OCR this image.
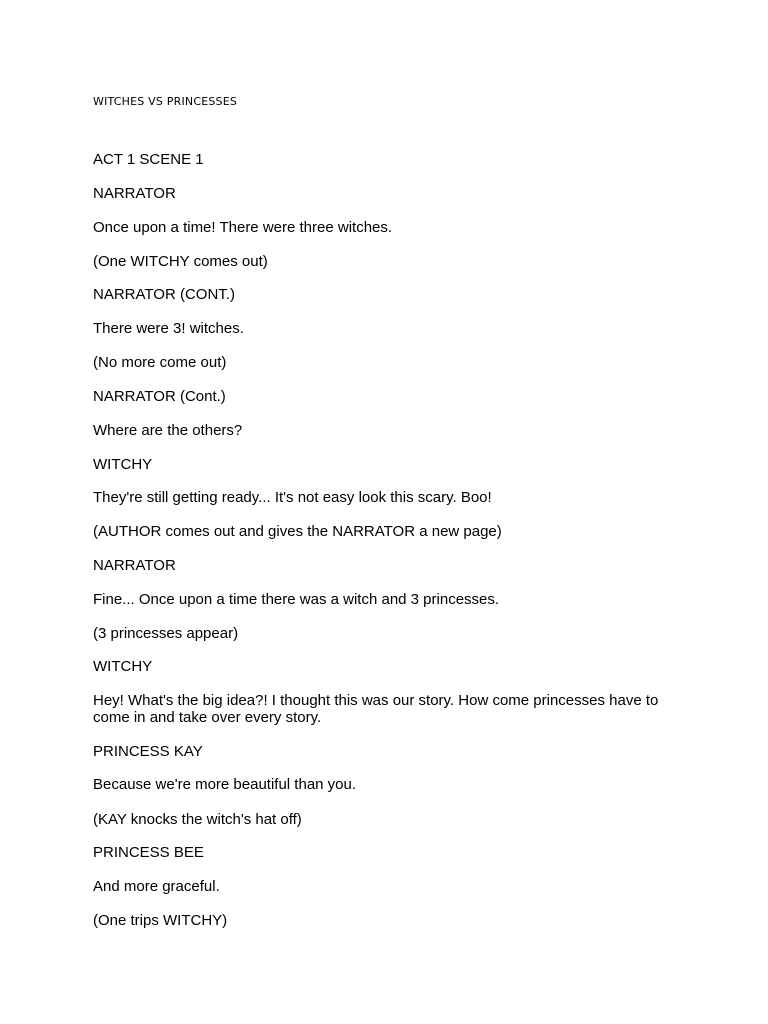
WITCHES VS PRINCESSES
ACT 1 SCENE 1
NARRATOR
Once upon a time! There were three witches.
(One WITCHY comes out)
NARRATOR (CONT.)
There were 3! witches.
(No more come out)
NARRATOR (Cont.)
Where are the others?
WITCHY
They're still getting ready... It's not easy look this scary. Boo!
(AUTHOR comes out and gives the NARRATOR a new page)
NARRATOR
Fine... Once upon a time there was a witch and 3 princesses.
(3 princesses appear)
WITCHY
Hey! What's the big idea?! I thought this was our story. How come princesses have to come in and take over every story.
PRINCESS KAY
Because we're more beautiful than you.
(KAY knocks the witch's hat off)
PRINCESS BEE
And more graceful.
(One trips WITCHY)
